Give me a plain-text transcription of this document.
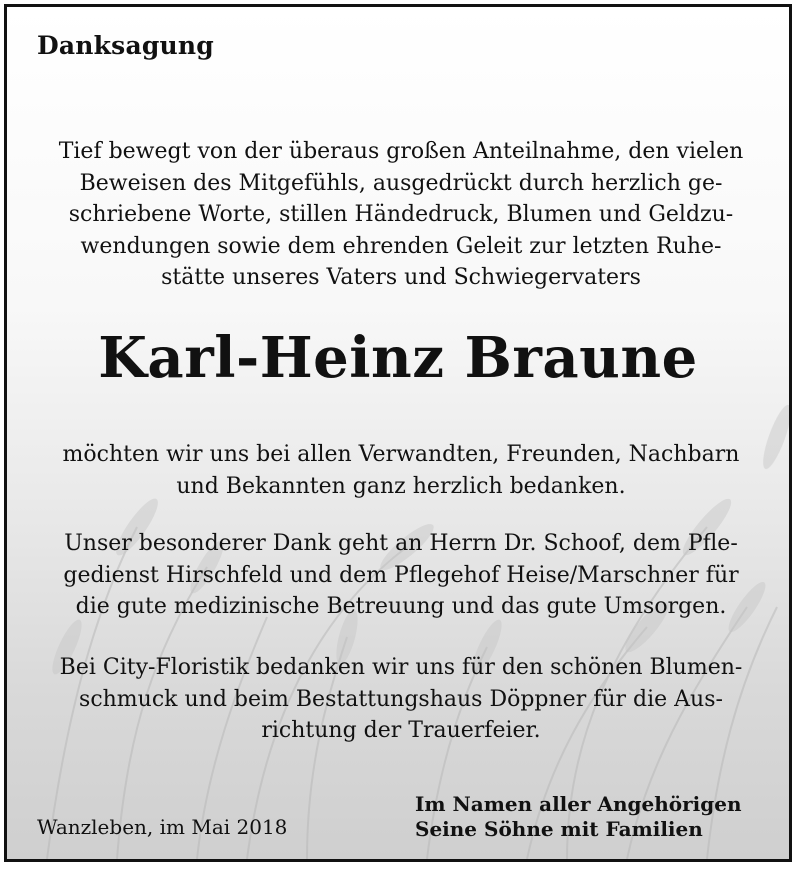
Danksagung

Tief bewegt von der überaus großen Anteilnahme, den vielen
Beweisen des Mitgefühls, ausgedrückt durch herzlich ge-
schriebene Worte, stillen Händedruck, Blumen und Geldzu-
wendungen sowie dem ehrenden Geleit zur letzten Ruhe-
stätte unseres Vaters und Schwiegervaters

Karl-Heinz Braune

möchten wir uns bei allen Verwandten, Freunden, Nachbarn
und Bekannten ganz herzlich bedanken.

Unser besonderer Dank geht an Herrn Dr. Schoof, dem Pfle-
gedienst Hirschfeld und dem Pflegehof Heise/Marschner für
die gute medizinische Betreuung und das gute Umsorgen.

Bei City-Floristik bedanken wir uns für den schönen Blumen-
schmuck und beim Bestattungshaus Döppner für die Aus-
richtung der Trauerfeier.

Wanzleben, im Mai 2018

Im Namen aller Angehörigen
Seine Söhne mit Familien
